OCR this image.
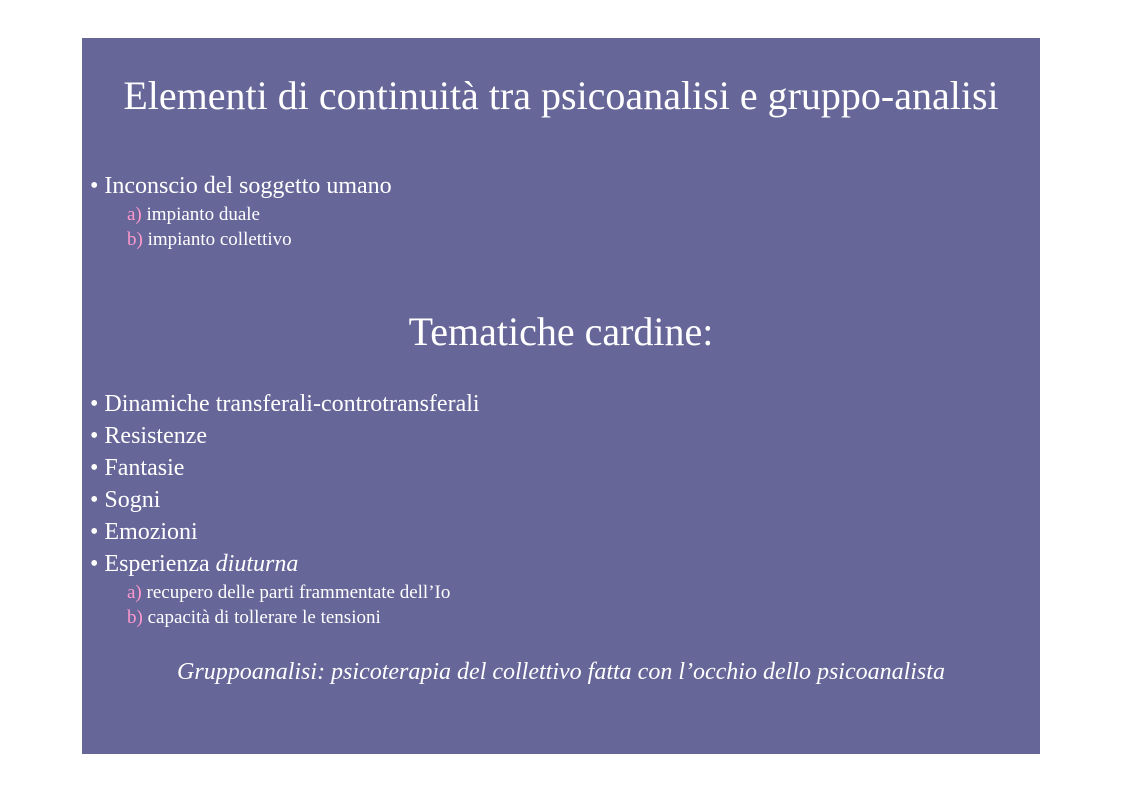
Elementi di continuità tra psicoanalisi e gruppo-analisi
• Inconscio del soggetto umano
a) impianto duale
b) impianto collettivo
Tematiche cardine:
• Dinamiche transferali-controtransferali
• Resistenze
• Fantasie
• Sogni
• Emozioni
• Esperienza diuturna
a) recupero delle parti frammentate dell’Io
b) capacità di tollerare le tensioni
Gruppoanalisi: psicoterapia del collettivo fatta con l’occhio dello psicoanalista
